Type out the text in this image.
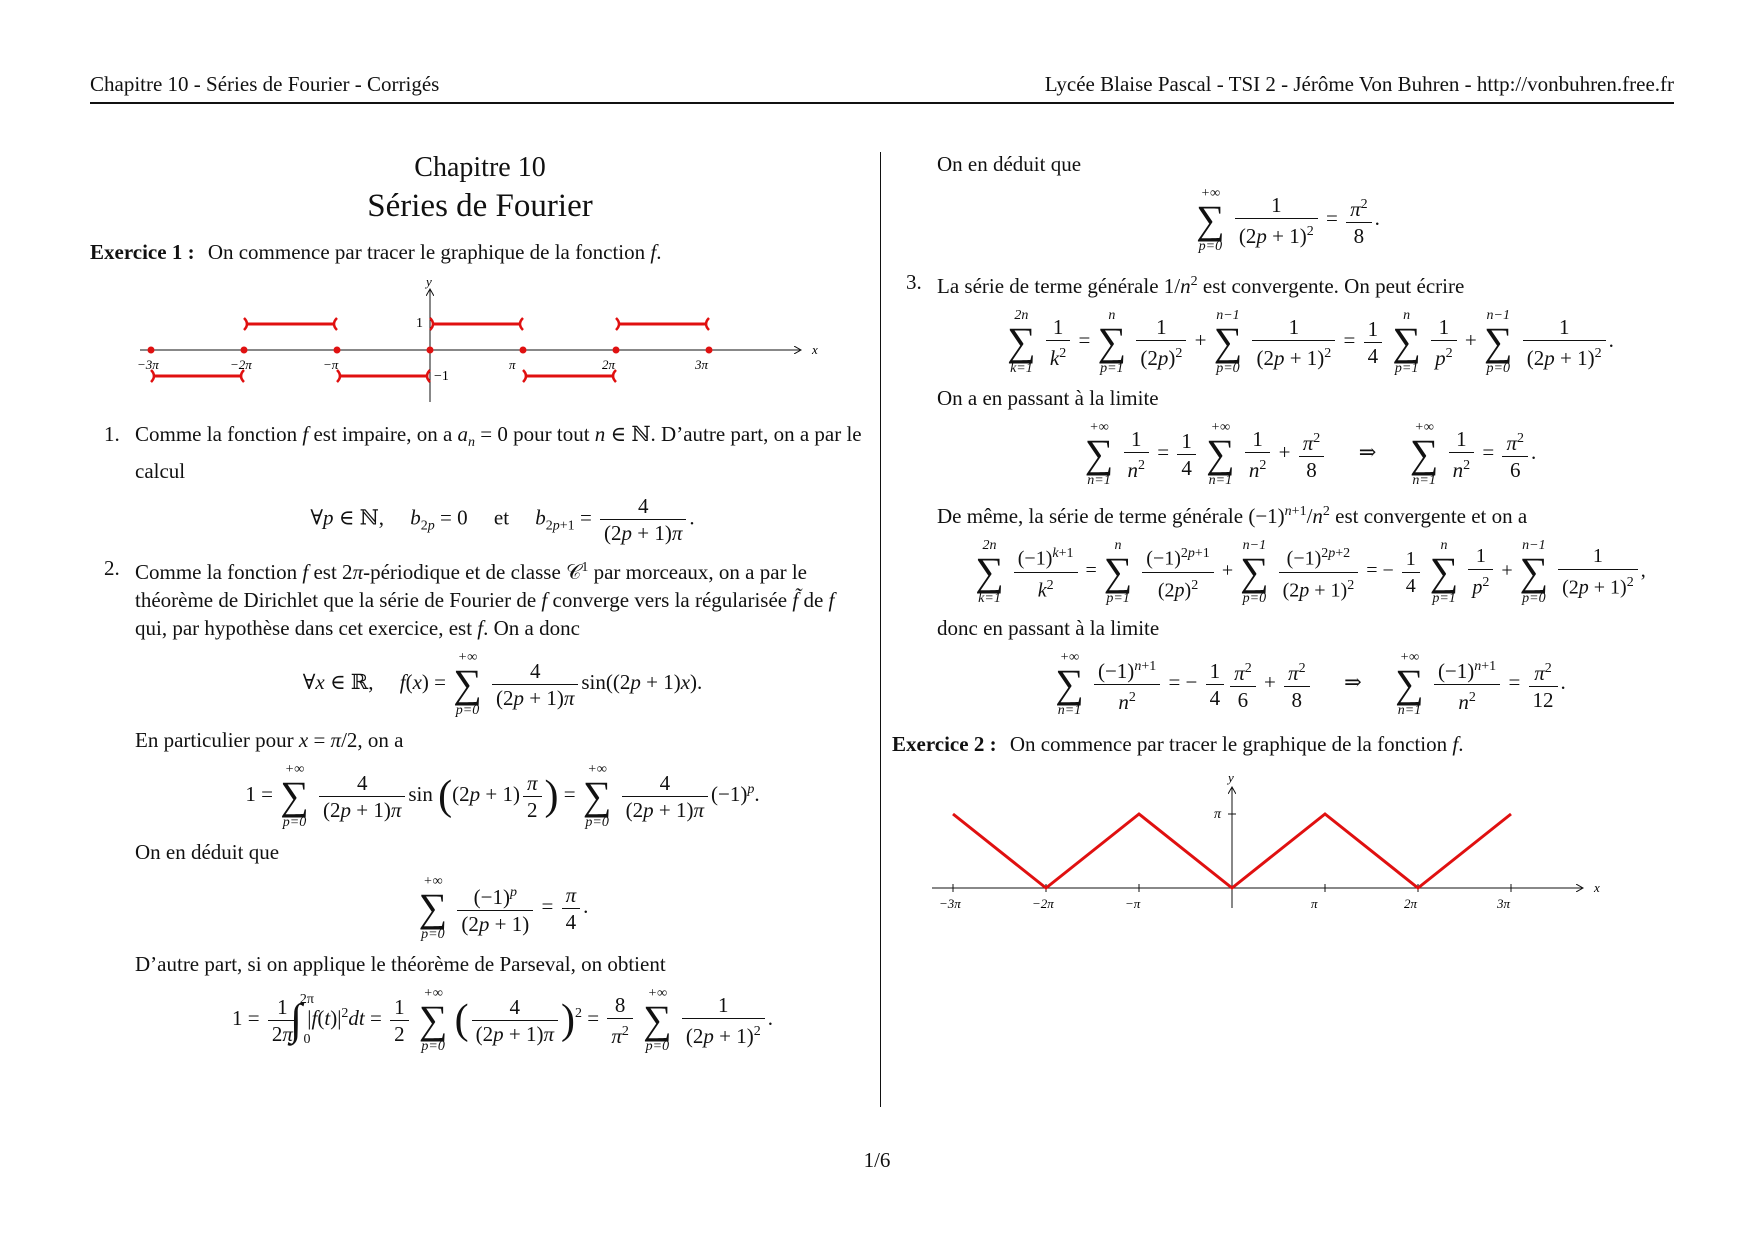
Chapitre 10 - Séries de Fourier - Corrigés	Lycée Blaise Pascal - TSI 2 - Jérôme Von Buhren - http://vonbuhren.free.fr
Chapitre 10
Séries de Fourier
Exercice 1 : On commence par tracer le graphique de la fonction f.
x
y
−3π	−2π	−π	π	2π	3π
1
−1
1. Comme la fonction f est impaire, on a $a_n = 0$ pour tout n ∈ ℕ. D’autre part, on a par le calcul
∀p ∈ ℕ,     $b_{2p} = 0$     et     $b_{2p+1} = \frac{4}{(2p + 1)\pi}$ .
2. Comme la fonction f est 2π-périodique et de classe 𝒞$^1$ par morceaux, on a par le théorème de Dirichlet que la série de Fourier de f converge vers la régularisée f̃ de f qui, par hypothèse dans cet exercice, est f. On a donc
∀x ∈ ℝ,     f(x) =
+∞
∑
p=0
$\frac{4}{(2p + 1)\pi} \sin((2p + 1)x)$.
En particulier pour x = π/2, on a
1 =
+∞
∑
p=0
$\frac{4}{(2p + 1)\pi}$ $\sin ((2p + 1) \frac{\pi}{2}$ ) =
+∞
∑
p=0
$\frac{4}{(2p + 1)\pi} (-1)^p$.
On en déduit que
+∞
∑
p=0
$\frac{(-1)^p}{(2p + 1)} = \frac{\pi}{4}$ .
D’autre part, si on applique le théorème de Parseval, on obtient
$1 = \frac{1}{2\pi} 2\pi$

0
∫ $|f(t)|^2dt = \frac{1}{2}$
	+∞
∑
p=0
( $\frac{4}{(2p + 1)\pi} )^2 = \frac{8}{\pi^2}$
	+∞
∑
p=0
$\frac{1}{(2p + 1)^2}$ .
On en déduit que
+∞
∑
p=0
$\frac{1}{(2p + 1)^2} = \frac{\pi^2}{8}$ .
3. La série de terme générale $1/n^2$ est convergente. On peut écrire
2n
∑
k=1
$\frac{1}{k^2}$ =
n
∑
p=1
$\frac{1}{(2p)^2}$ +
n−1
∑
p=0
$\frac{1}{(2p + 1)^2} = \frac{1}{4}$
	n
∑
p=1
$\frac{1}{p^2}$ +
n−1
∑
p=0
$\frac{1}{(2p + 1)^2}$ .
On a en passant à la limite
+∞
∑
n=1
$\frac{1}{n^2} = \frac{1}{4}$
	+∞
∑
n=1
$\frac{1}{n^2} + \frac{\pi^2}{8}$ ⇒
+∞
∑
n=1
$\frac{1}{n^2} = \frac{\pi^2}{6}$ .
De même, la série de terme générale $(-1)^{n+1}/n^2$ est convergente et on a
2n
∑
k=1
$\frac{(-1)^{k+1}}{k^2}$ =
n
∑
p=1
$\frac{(-1)^{2p+1}}{(2p)^2}$ +
n−1
∑
p=0
$\frac{(-1)^{2p+2}}{(2p + 1)^2}$ = − $\frac{1}{4}$
	n
∑
p=1
$\frac{1}{p^2}$ +
n−1
∑
p=0
$\frac{1}{(2p + 1)^2}$ ,
donc en passant à la limite
+∞
∑
n=1
$\frac{(-1)^{n+1}}{n^2}$ = − $\frac{1}{4} \frac{\pi^2}{6} + \frac{\pi^2}{8}$ ⇒
+∞
∑
n=1
$\frac{(-1)^{n+1}}{n^2} = \frac{\pi^2}{12}$ .
Exercice 2 : On commence par tracer le graphique de la fonction f.
x
y
π
−3π	−2π	−π	π	2π	3π
1/6
